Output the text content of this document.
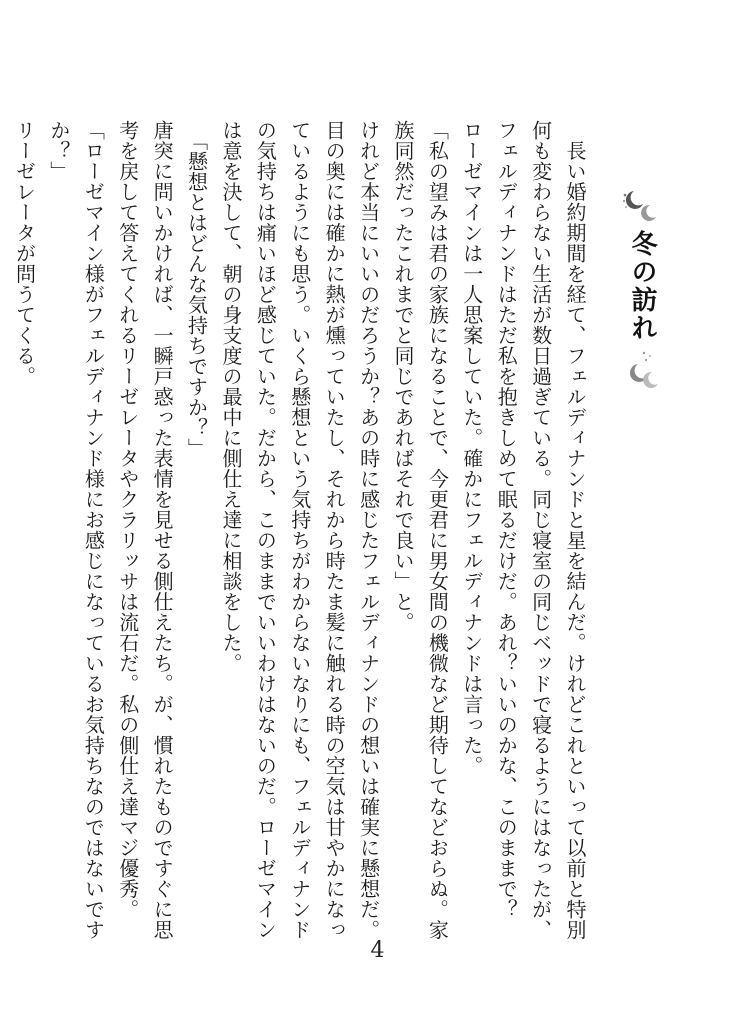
冬の訪れ

　長い婚約期間を経て、フェルディナンドと星を結んだ。けれどこれといって以前と特別

何も変わらない生活が数日過ぎている。同じ寝室の同じベッドで寝るようにはなったが、

フェルディナンドはただ私を抱きしめて眠るだけだ。あれ？いいのかな、このままで？

ローゼマインは一人思案していた。確かにフェルディナンドは言った。

「私の望みは君の家族になることで、今更君に男女間の機微など期待してなどおらぬ。家

族同然だったこれまでと同じであればそれで良い」と。

けれど本当にいいのだろうか？あの時に感じたフェルディナンドの想いは確実に懸想だ。

目の奥には確かに熱が燻っていたし、それから時たま髪に触れる時の空気は甘やかになっ

ているようにも思う。いくら懸想という気持ちがわからないなりにも、フェルディナンド

の気持ちは痛いほど感じていた。だから、このままでいいわけはないのだ。ローゼマイン

は意を決して、朝の身支度の最中に側仕え達に相談をした。

　「懸想とはどんな気持ちですか？」

唐突に問いかければ、一瞬戸惑った表情を見せる側仕えたち。が、慣れたものですぐに思

考を戻して答えてくれるリーゼレータやクラリッサは流石だ。私の側仕え達マジ優秀。

「ローゼマイン様がフェルディナンド様にお感じになっているお気持ちなのではないです

か？」

リーゼレータが問うてくる。

4
